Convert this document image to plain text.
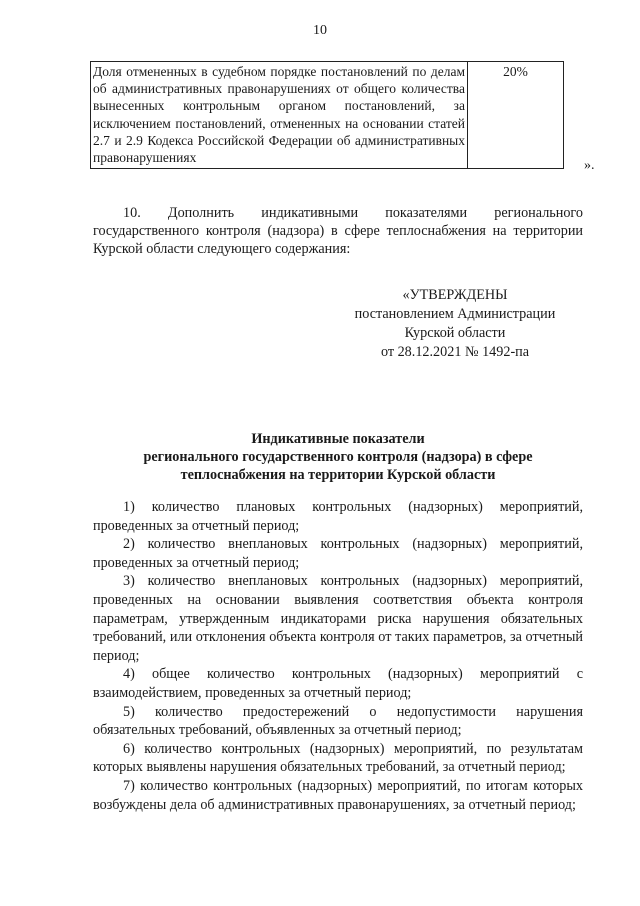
10
Доля отмененных в судебном порядке постановлений по делам об административных правонарушениях от общего количества вынесенных контрольным органом постановлений, за исключением постановлений, отмененных на основании статей 2.7 и 2.9 Кодекса Российской Федерации об административных правонарушениях	20%
».

10. Дополнить индикативными показателями регионального государственного контроля (надзора) в сфере теплоснабжения на территории Курской области следующего содержания:

«УТВЕРЖДЕНЫ
постановлением Администрации
Курской области
от 28.12.2021 № 1492-па
Индикативные показатели
регионального государственного контроля (надзора) в сфере
теплоснабжения на территории Курской области

1) количество плановых контрольных (надзорных) мероприятий, проведенных за отчетный период;

2) количество внеплановых контрольных (надзорных) мероприятий, проведенных за отчетный период;

3) количество внеплановых контрольных (надзорных) мероприятий, проведенных на основании выявления соответствия объекта контроля параметрам, утвержденным индикаторами риска нарушения обязательных требований, или отклонения объекта контроля от таких параметров, за отчетный период;

4) общее количество контрольных (надзорных) мероприятий с взаимодействием, проведенных за отчетный период;

5) количество предостережений о недопустимости нарушения обязательных требований, объявленных за отчетный период;

6) количество контрольных (надзорных) мероприятий, по результатам которых выявлены нарушения обязательных требований, за отчетный период;

7) количество контрольных (надзорных) мероприятий, по итогам которых возбуждены дела об административных правонарушениях, за отчетный период;
